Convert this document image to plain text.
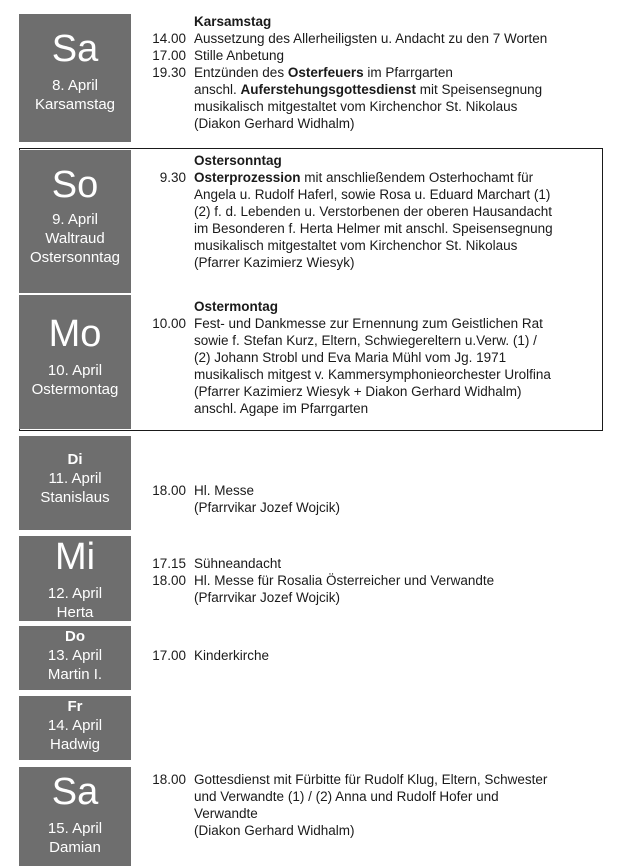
Sa
8. April
Karsamstag
So
9. April
Waltraud
Ostersonntag
Mo
10. April
Ostermontag
Di
11. April
Stanislaus
Mi
12. April
Herta
Do
13. April
Martin I.
Fr
14. April
Hadwig
Sa
15. April
Damian
Karsamstag
14.00 Aussetzung des Allerheiligsten u. Andacht zu den 7 Worten
17.00 Stille Anbetung
19.30 Entzünden des Osterfeuers im Pfarrgarten
anschl. Auferstehungsgottesdienst mit Speisensegnung
musikalisch mitgestaltet vom Kirchenchor St. Nikolaus
(Diakon Gerhard Widhalm)
Ostersonntag
9.30 Osterprozession mit anschließendem Osterhochamt für
Angela u. Rudolf Haferl, sowie Rosa u. Eduard Marchart (1)
(2) f. d. Lebenden u. Verstorbenen der oberen Hausandacht
im Besonderen f. Herta Helmer mit anschl. Speisensegnung
musikalisch mitgestaltet vom Kirchenchor St. Nikolaus
(Pfarrer Kazimierz Wiesyk)
Ostermontag
10.00 Fest- und Dankmesse zur Ernennung zum Geistlichen Rat
sowie f. Stefan Kurz, Eltern, Schwiegereltern u.Verw. (1) /
(2) Johann Strobl und Eva Maria Mühl vom Jg. 1971
musikalisch mitgest v. Kammersymphonieorchester Urolfina
(Pfarrer Kazimierz Wiesyk + Diakon Gerhard Widhalm)
anschl. Agape im Pfarrgarten
18.00 Hl. Messe
(Pfarrvikar Jozef Wojcik)
17.15 Sühneandacht
18.00 Hl. Messe für Rosalia Österreicher und Verwandte
(Pfarrvikar Jozef Wojcik)
17.00 Kinderkirche
18.00 Gottesdienst mit Fürbitte für Rudolf Klug, Eltern, Schwester
und Verwandte (1) / (2) Anna und Rudolf Hofer und
Verwandte
(Diakon Gerhard Widhalm)
